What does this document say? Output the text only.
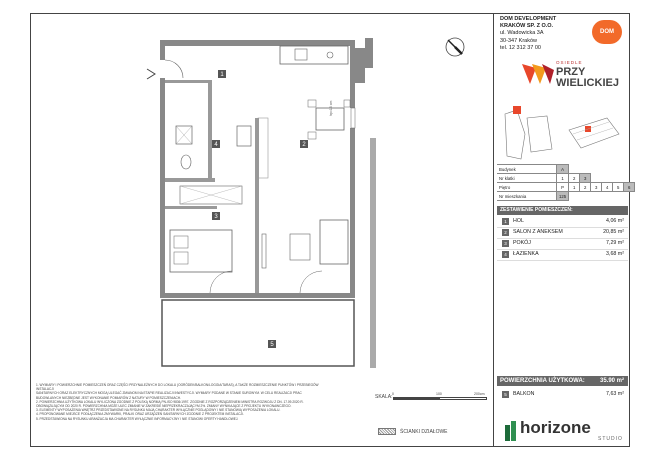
hp=15 cm
1
2
3
4
5
DOM DEVELOPMENT
KRAKÓW SP. Z O.O.
ul. Wadowicka 3A
30-347 Kraków
tel. 12 312 37 00
DOM
OSIEDLE
PRZY
WIELICKIEJ
Budynek	A						
Nr klatki	1	2	3				
Piętro	P	1	2	3	4	5	6
Nr mieszkania	125						
ZESTAWIENIE POMIESZCZEŃ:
1	HOL	4,06 m²
2	SALON Z ANEKSEM	20,85 m²
3	POKÓJ	7,29 m²
4	ŁAZIENKA	3,68 m²
POWIERZCHNIA UŻYTKOWA:	35.90 m²
5	BALKON	7,63 m²
1. WYMIARY I POWIERZCHNIE POMIESZCZEŃ ORAZ CZĘŚCI PRZYNALEŻNYCH DO LOKALU (OGRÓDEK/BALKON/LOGGIA/TARAS), A TAKŻE ROZMIESZCZENIE PUNKTÓW I PRZEBIEGÓW INSTALACJI
SANITARNYCH ORAZ ELEKTRYCZNYCH MOGĄ ULEGAĆ ZMIANOM NA ETAPIE REALIZACJI INWESTYCJI. WYMIARY PODANE W STANIE SUROWYM. W CELU REALIZACJI PRAC
BUDOWLANYCH NIEZBĘDNE JEST WYKONANIE POMIARÓW Z NATURY W POMIESZCZENIACH.
2. POWIERZCHNIA UŻYTKOWA LOKALU WYLICZONA ZGODNIE Z POLSKĄ NORMĄ PN-ISO 9836:1997. ZGODNIE Z ROZPORZĄDZENIEM MINISTRA ROZWOJU Z DN. 17.09.2020 R.
OBOWIĄZUJĄCYM OD 2020 R. POWIERZCHNIA MOŻE ULEC ZMIANIE W ZAKRESIE NIEPRZEKRACZAJĄCYM 2%. ZMIANY WYNIKAJĄCE Z PROJEKTU WYKONAWCZEGO.
3. ELEMENTY WYPOSAŻENIA WNĘTRZ PRZEDSTAWIONE NA RYSUNKU MAJĄ CHARAKTER WYŁĄCZNIE POGLĄDOWY I NIE STANOWIĄ WYPOSAŻENIA LOKALU.
4. PROPONOWANE MIEJSCE PODŁĄCZENIA ZMYWARKI, PRALKI ORAZ URZĄDZEŃ SANITARNYCH ZGODNIE Z PROJEKTEM INSTALACJI.
5. PRZEDSTAWIONA NA RYSUNKU ARANŻACJA MA CHARAKTER WYŁĄCZNIE INFORMACYJNY I NIE STANOWI OFERTY HANDLOWEJ.
SKALA: 0	100	200cm
ŚCIANKI DZIAŁOWE	horizone
STUDIO
